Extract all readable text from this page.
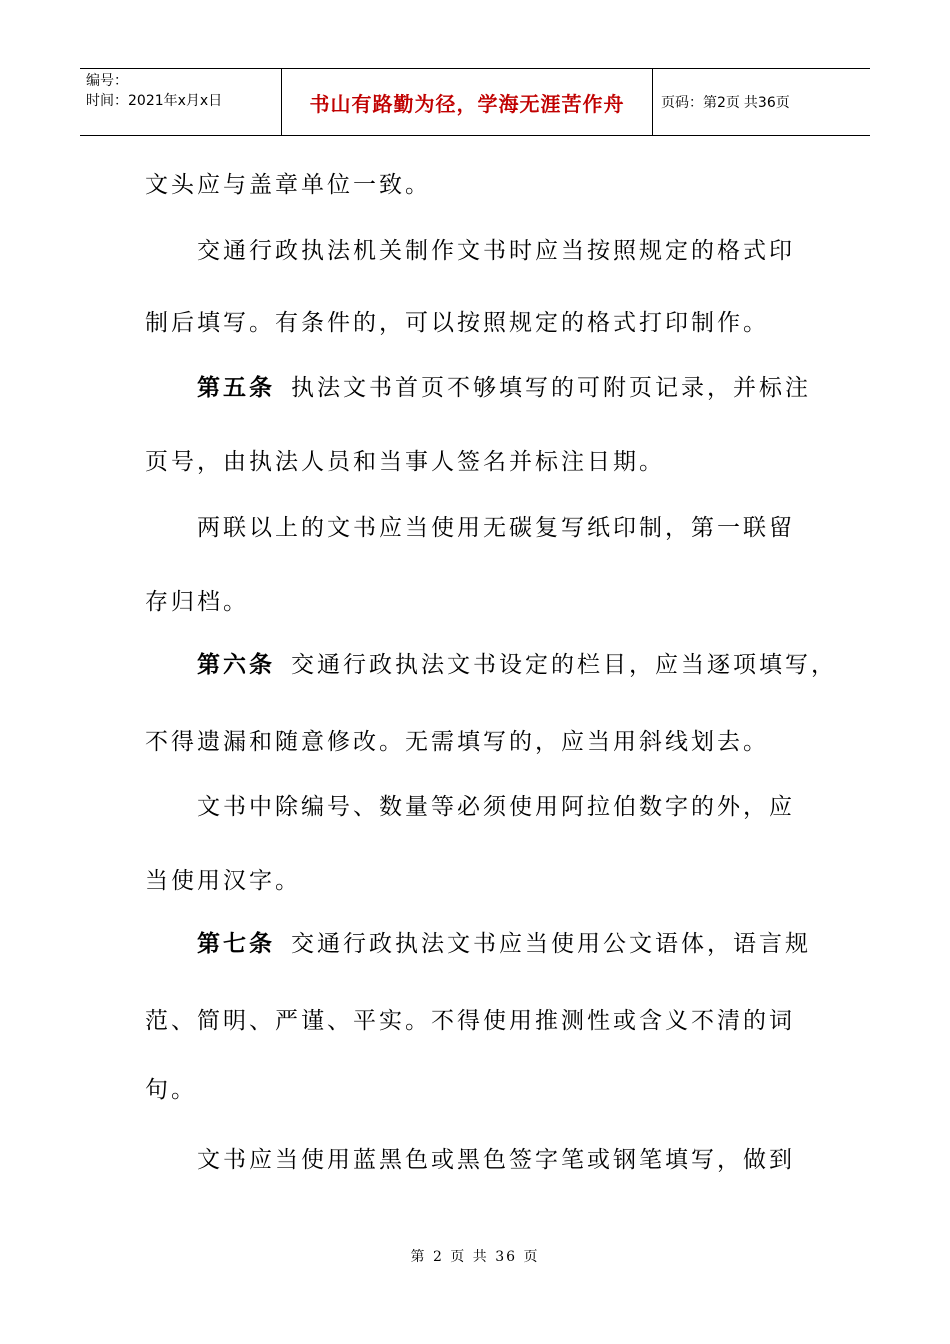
编号：
时间：2021年x月x日	书山有路勤为径，学海无涯苦作舟	页码：第2页 共36页
文头应与盖章单位一致。
交通行政执法机关制作文书时应当按照规定的格式印
制后填写。有条件的，可以按照规定的格式打印制作。
第五条 执法文书首页不够填写的可附页记录，并标注
页号，由执法人员和当事人签名并标注日期。
两联以上的文书应当使用无碳复写纸印制，第一联留
存归档。
第六条 交通行政执法文书设定的栏目，应当逐项填写，
不得遗漏和随意修改。无需填写的，应当用斜线划去。
文书中除编号、数量等必须使用阿拉伯数字的外，应
当使用汉字。
第七条 交通行政执法文书应当使用公文语体，语言规
范、简明、严谨、平实。不得使用推测性或含义不清的词
句。
文书应当使用蓝黑色或黑色签字笔或钢笔填写，做到
第 2 页 共 36 页
